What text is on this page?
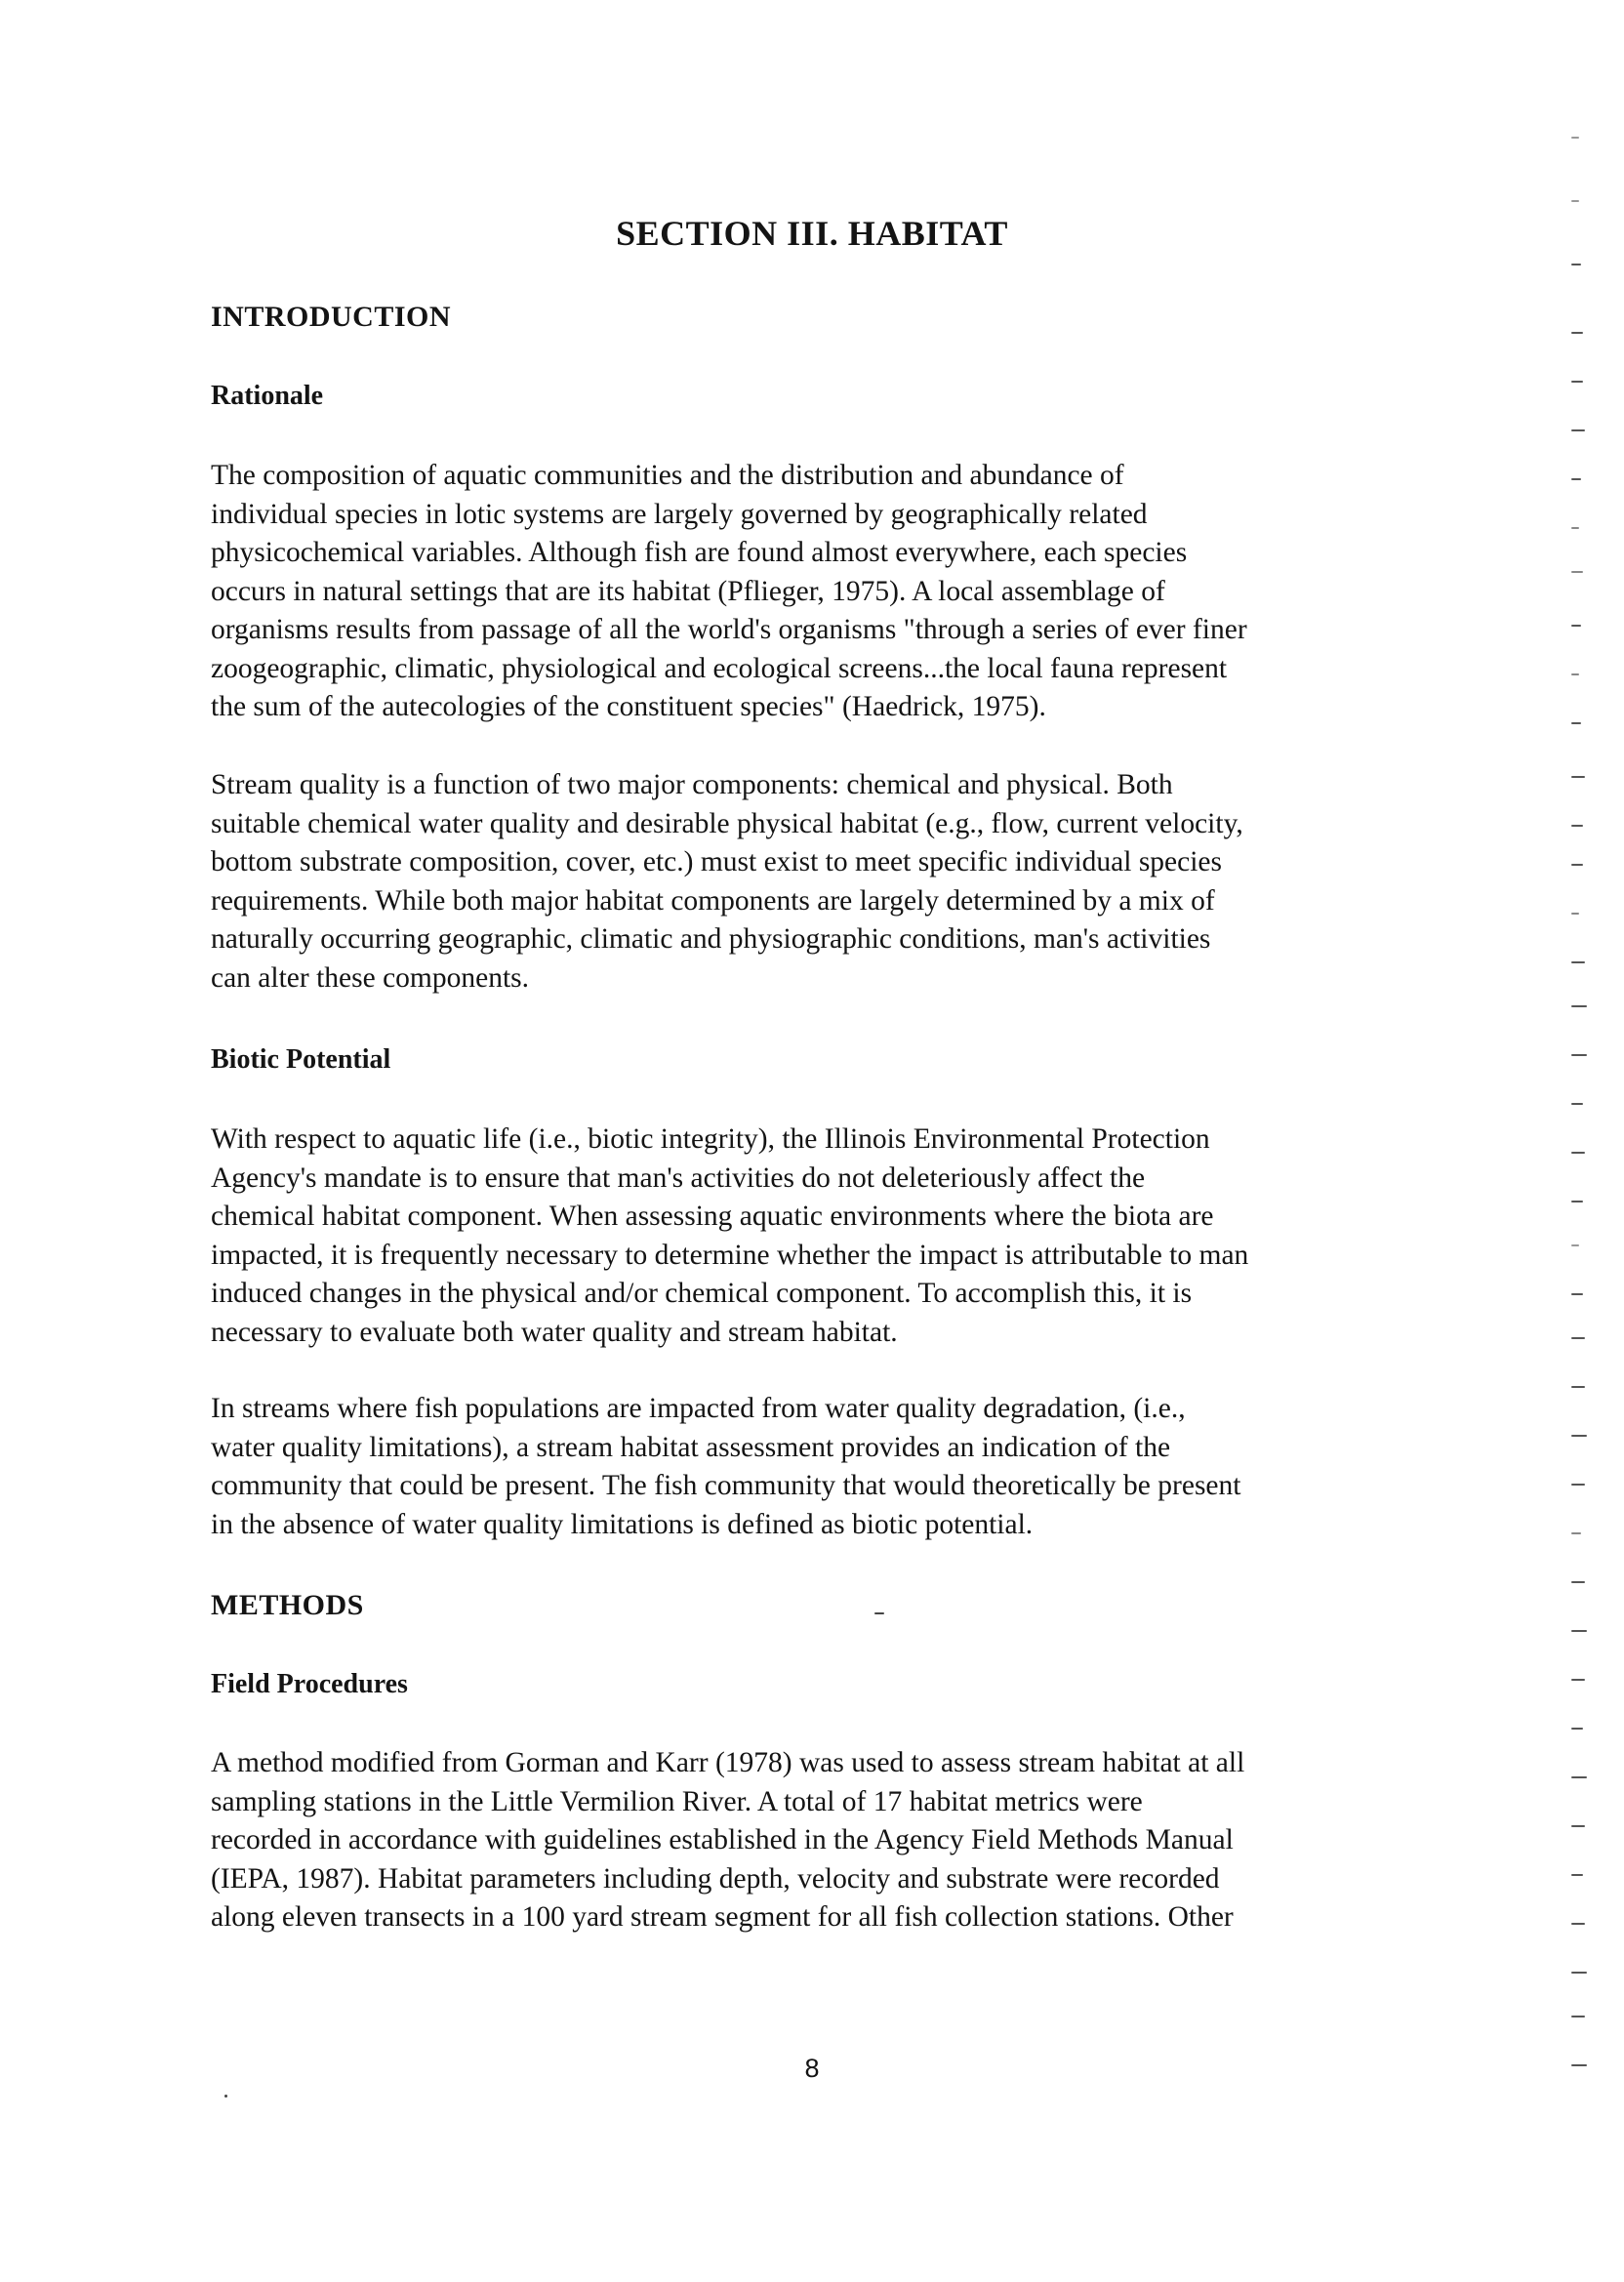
SECTION III. HABITAT
INTRODUCTION
Rationale
The composition of aquatic communities and the distribution and abundance of
individual species in lotic systems are largely governed by geographically related
physicochemical variables. Although fish are found almost everywhere, each species
occurs in natural settings that are its habitat (Pflieger, 1975). A local assemblage of
organisms results from passage of all the world's organisms "through a series of ever finer
zoogeographic, climatic, physiological and ecological screens...the local fauna represent
the sum of the autecologies of the constituent species" (Haedrick, 1975).
Stream quality is a function of two major components: chemical and physical. Both
suitable chemical water quality and desirable physical habitat (e.g., flow, current velocity,
bottom substrate composition, cover, etc.) must exist to meet specific individual species
requirements. While both major habitat components are largely determined by a mix of
naturally occurring geographic, climatic and physiographic conditions, man's activities
can alter these components.
Biotic Potential
With respect to aquatic life (i.e., biotic integrity), the Illinois Environmental Protection
Agency's mandate is to ensure that man's activities do not deleteriously affect the
chemical habitat component. When assessing aquatic environments where the biota are
impacted, it is frequently necessary to determine whether the impact is attributable to man
induced changes in the physical and/or chemical component. To accomplish this, it is
necessary to evaluate both water quality and stream habitat.
In streams where fish populations are impacted from water quality degradation, (i.e.,
water quality limitations), a stream habitat assessment provides an indication of the
community that could be present. The fish community that would theoretically be present
in the absence of water quality limitations is defined as biotic potential.
METHODS
Field Procedures
A method modified from Gorman and Karr (1978) was used to assess stream habitat at all
sampling stations in the Little Vermilion River. A total of 17 habitat metrics were
recorded in accordance with guidelines established in the Agency Field Methods Manual
(IEPA, 1987). Habitat parameters including depth, velocity and substrate were recorded
along eleven transects in a 100 yard stream segment for all fish collection stations. Other
8
